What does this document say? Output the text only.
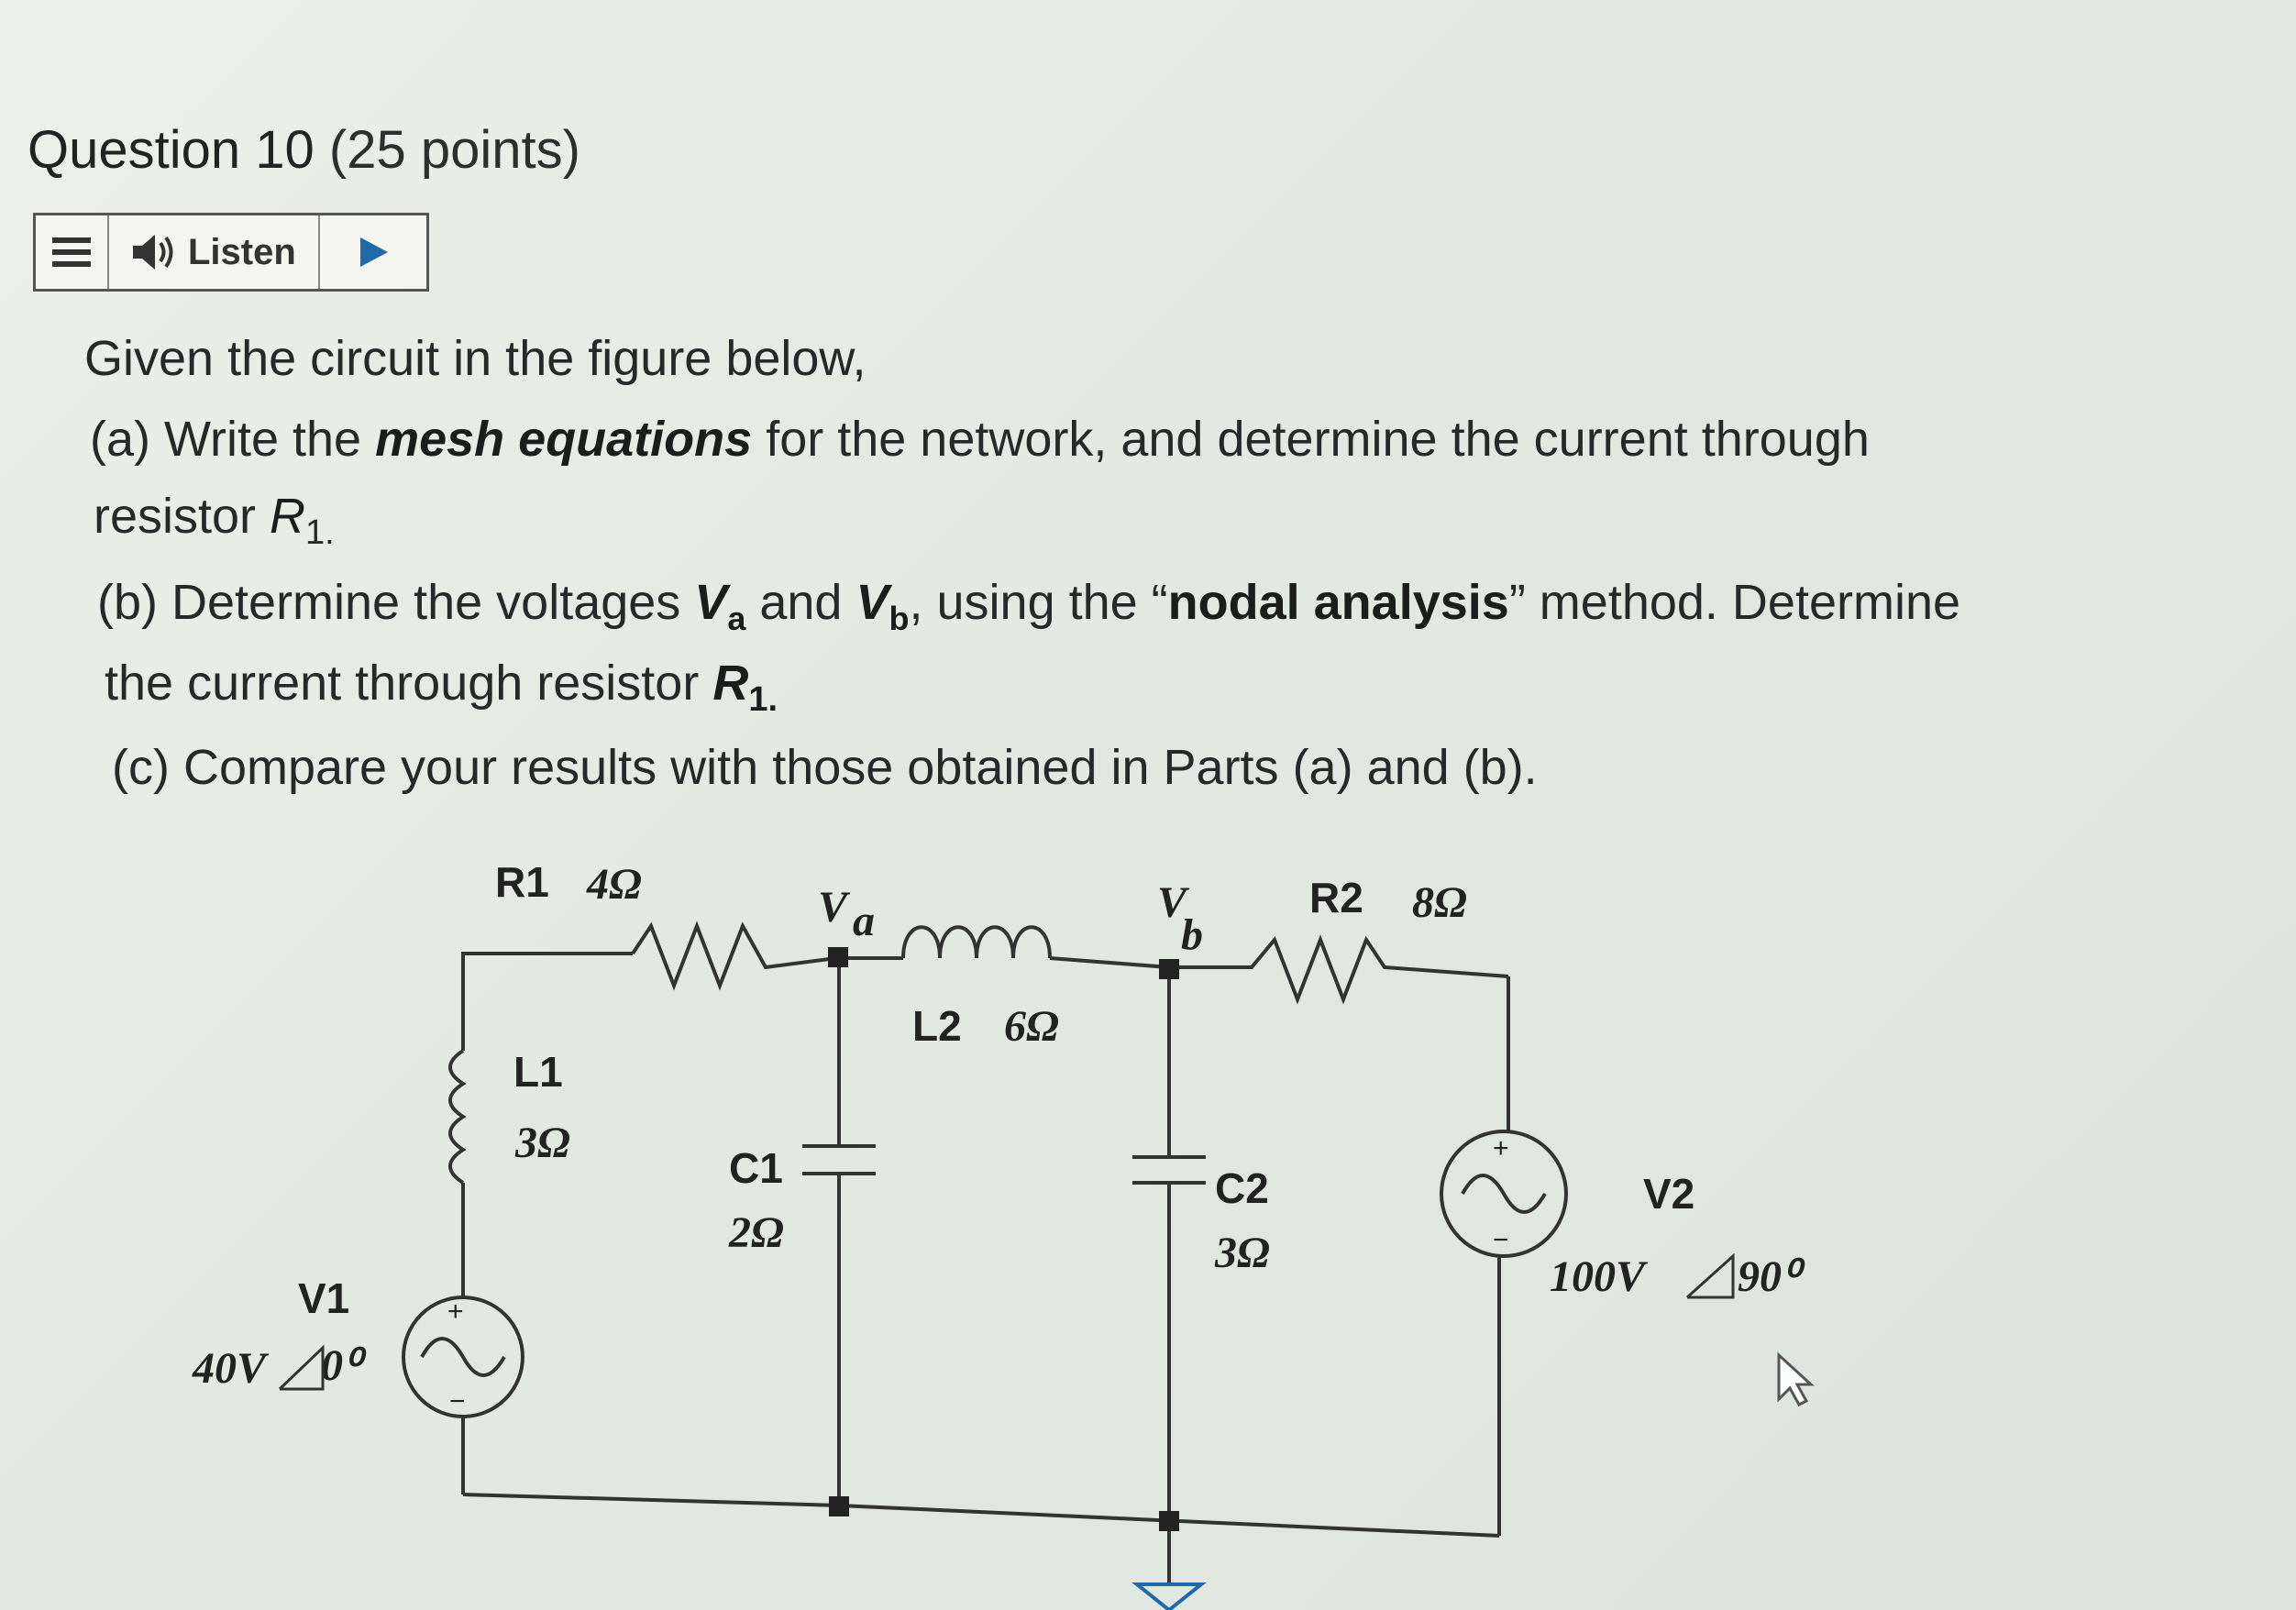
Question 10 (25 points)
Listen
Given the circuit in the figure below,
(a) Write the mesh equations for the network, and determine the current through
resistor $R_{1.}$
(b) Determine the voltages $V_a$ and $V_b$, using the “nodal analysis” method. Determine
the current through resistor $R_{1.}$
(c) Compare your results with those obtained in Parts (a) and (b).
+
−
+
−
R1 4Ω	V a
L2 6Ω
V
b
R2 8Ω
L1
3Ω
C1
2Ω
C2
3Ω
V2
100V 90⁰
V1
40V 0⁰
